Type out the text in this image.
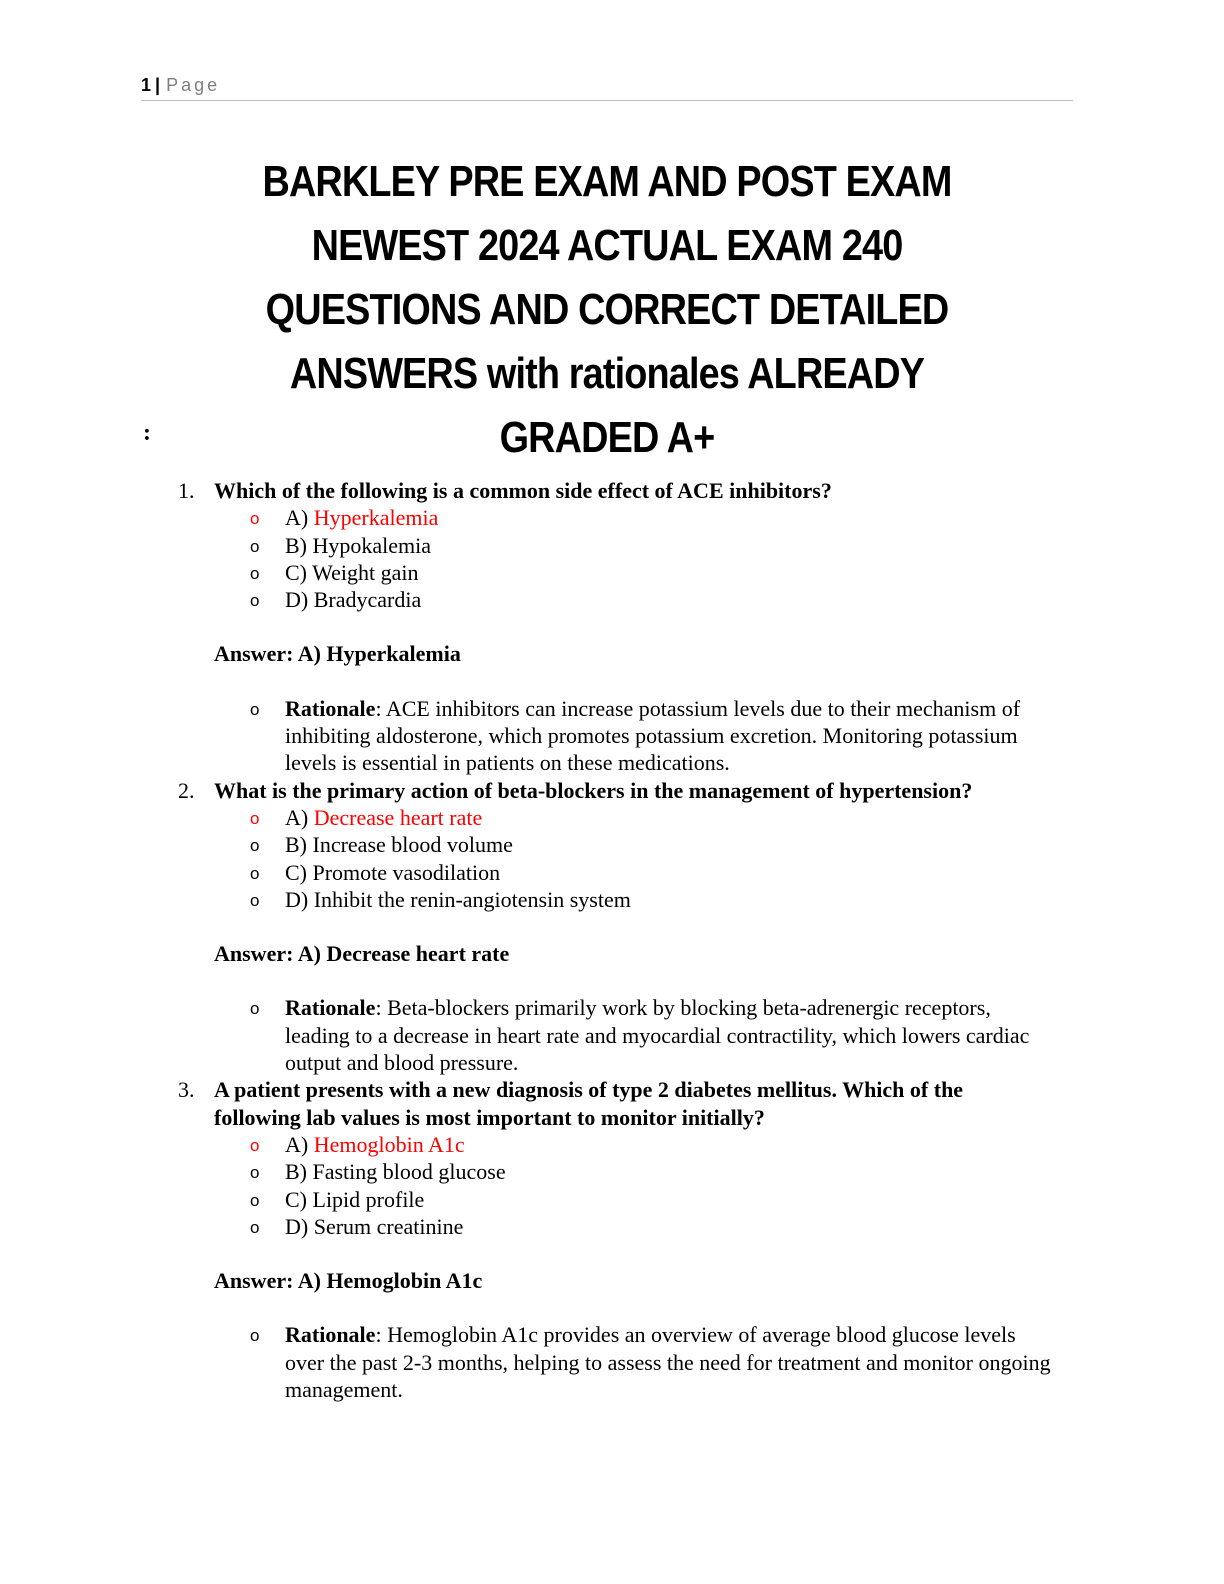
1 | Page
BARKLEY PRE EXAM AND POST EXAM NEWEST 2024 ACTUAL EXAM 240 QUESTIONS AND CORRECT DETAILED ANSWERS with rationales ALREADY GRADED A+
:
1. Which of the following is a common side effect of ACE inhibitors?

o A) Hyperkalemia
o B) Hypokalemia
o C) Weight gain
o D) Bradycardia
Answer: A) Hyperkalemia
o Rationale: ACE inhibitors can increase potassium levels due to their mechanism of inhibiting aldosterone, which promotes potassium excretion. Monitoring potassium levels is essential in patients on these medications.
2. What is the primary action of beta-blockers in the management of hypertension?

o A) Decrease heart rate
o B) Increase blood volume
o C) Promote vasodilation
o D) Inhibit the renin-angiotensin system
Answer: A) Decrease heart rate
o Rationale: Beta-blockers primarily work by blocking beta-adrenergic receptors, leading to a decrease in heart rate and myocardial contractility, which lowers cardiac output and blood pressure.
3. A patient presents with a new diagnosis of type 2 diabetes mellitus. Which of the following lab values is most important to monitor initially?

o A) Hemoglobin A1c
o B) Fasting blood glucose
o C) Lipid profile
o D) Serum creatinine
Answer: A) Hemoglobin A1c
o Rationale: Hemoglobin A1c provides an overview of average blood glucose levels over the past 2-3 months, helping to assess the need for treatment and monitor ongoing management.
